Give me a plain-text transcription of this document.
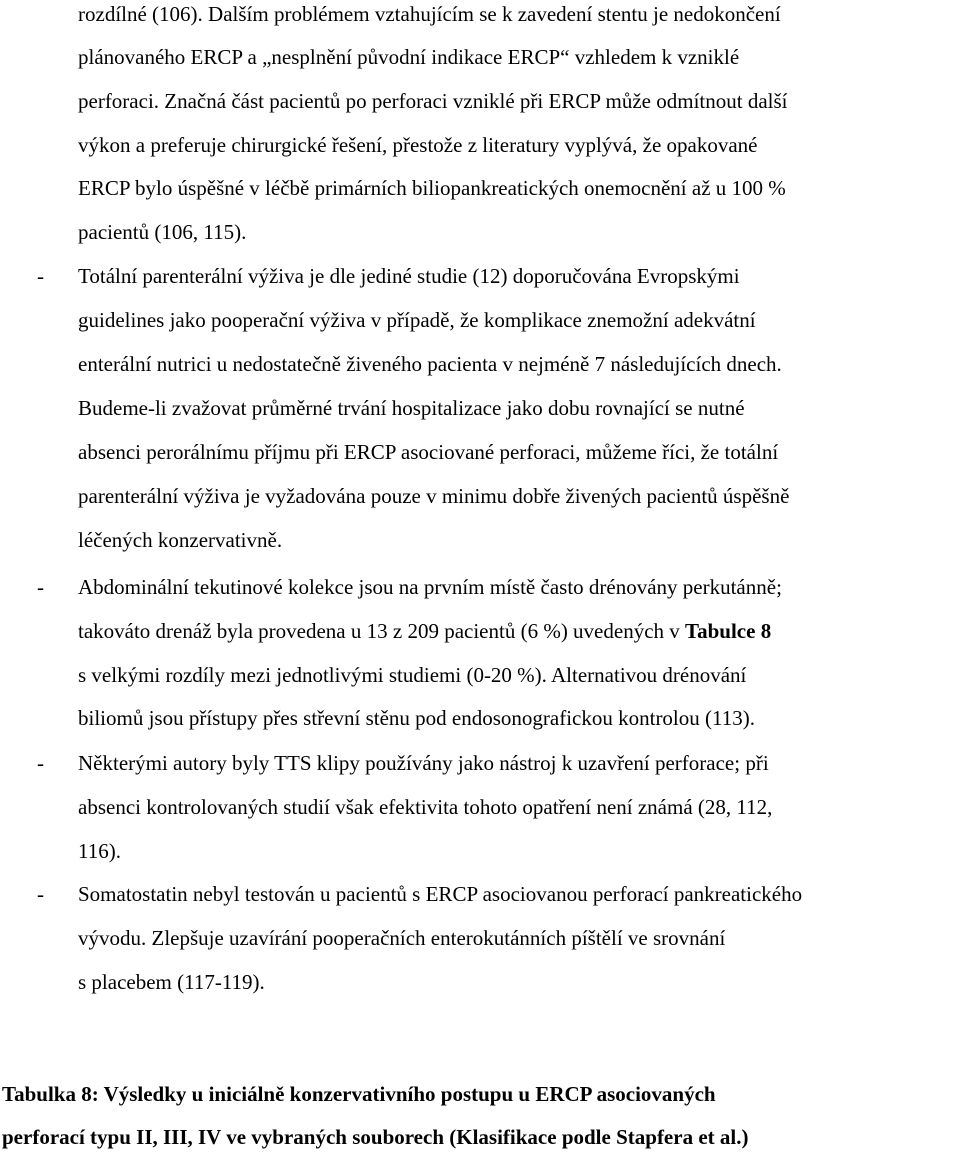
rozdílné (106). Dalším problémem vztahujícím se k zavedení stentu je nedokončení
plánovaného ERCP a „nesplnění původní indikace ERCP“ vzhledem k vzniklé
perforaci. Značná část pacientů po perforaci vzniklé při ERCP může odmítnout další
výkon a preferuje chirurgické řešení, přestože z literatury vyplývá, že opakované
ERCP bylo úspěšné v léčbě primárních biliopankreatických onemocnění až u 100 %
pacientů (106, 115).
- Totální parenterální výživa je dle jediné studie (12) doporučována Evropskými
guidelines jako pooperační výživa v případě, že komplikace znemožní adekvátní
enterální nutrici u nedostatečně živeného pacienta v nejméně 7 následujících dnech.
Budeme-li zvažovat průměrné trvání hospitalizace jako dobu rovnající se nutné
absenci perorálnímu příjmu při ERCP asociované perforaci, můžeme říci, že totální
parenterální výživa je vyžadována pouze v minimu dobře živených pacientů úspěšně
léčených konzervativně.
- Abdominální tekutinové kolekce jsou na prvním místě často drénovány perkutánně;
takováto drenáž byla provedena u 13 z 209 pacientů (6 %) uvedených v Tabulce 8
s velkými rozdíly mezi jednotlivými studiemi (0-20 %). Alternativou drénování
biliomů jsou přístupy přes střevní stěnu pod endosonografickou kontrolou (113).
- Některými autory byly TTS klipy používány jako nástroj k uzavření perforace; při
absenci kontrolovaných studií však efektivita tohoto opatření není známá (28, 112,
116).
- Somatostatin nebyl testován u pacientů s ERCP asociovanou perforací pankreatického
vývodu. Zlepšuje uzavírání pooperačních enterokutánních píštělí ve srovnání
s placebem (117-119).
Tabulka 8: Výsledky u iniciálně konzervativního postupu u ERCP asociovaných
perforací typu II, III, IV ve vybraných souborech (Klasifikace podle Stapfera et al.)
